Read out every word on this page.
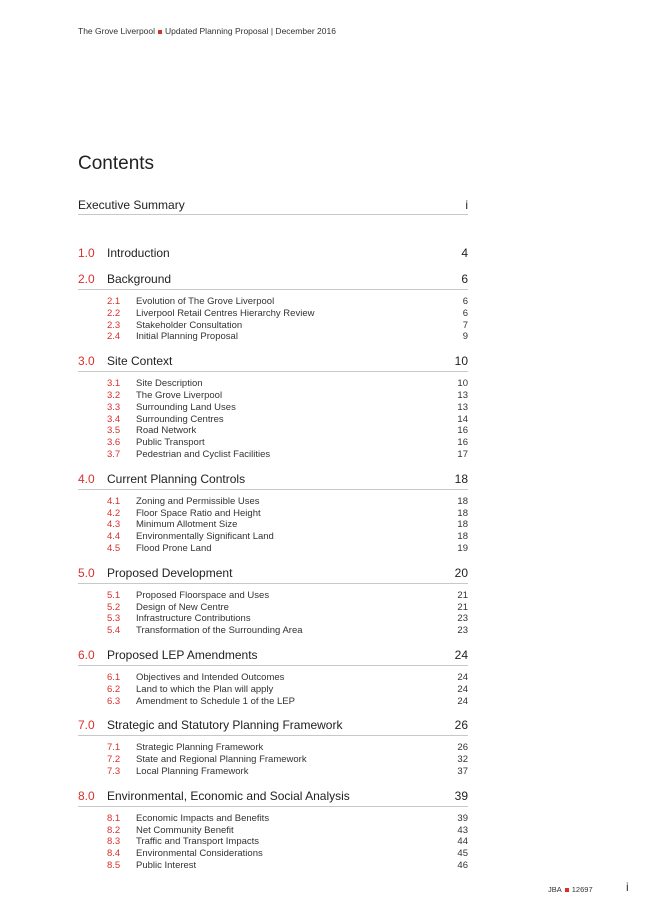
The Grove Liverpool Updated Planning Proposal | December 2016
Contents
Executive Summary	i
1.0	Introduction	4
2.0	Background	6
2.1	Evolution of The Grove Liverpool	6
2.2	Liverpool Retail Centres Hierarchy Review	6
2.3	Stakeholder Consultation	7
2.4	Initial Planning Proposal	9
3.0	Site Context	10
3.1	Site Description	10
3.2	The Grove Liverpool	13
3.3	Surrounding Land Uses	13
3.4	Surrounding Centres	14
3.5	Road Network	16
3.6	Public Transport	16
3.7	Pedestrian and Cyclist Facilities	17
4.0	Current Planning Controls	18
4.1	Zoning and Permissible Uses	18
4.2	Floor Space Ratio and Height	18
4.3	Minimum Allotment Size	18
4.4	Environmentally Significant Land	18
4.5	Flood Prone Land	19
5.0	Proposed Development	20
5.1	Proposed Floorspace and Uses	21
5.2	Design of New Centre	21
5.3	Infrastructure Contributions	23
5.4	Transformation of the Surrounding Area	23
6.0	Proposed LEP Amendments	24
6.1	Objectives and Intended Outcomes	24
6.2	Land to which the Plan will apply	24
6.3	Amendment to Schedule 1 of the LEP	24
7.0	Strategic and Statutory Planning Framework	26
7.1	Strategic Planning Framework	26
7.2	State and Regional Planning Framework	32
7.3	Local Planning Framework	37
8.0	Environmental, Economic and Social Analysis	39
8.1	Economic Impacts and Benefits	39
8.2	Net Community Benefit	43
8.3	Traffic and Transport Impacts	44
8.4	Environmental Considerations	45
8.5	Public Interest	46
JBA 12697	i
